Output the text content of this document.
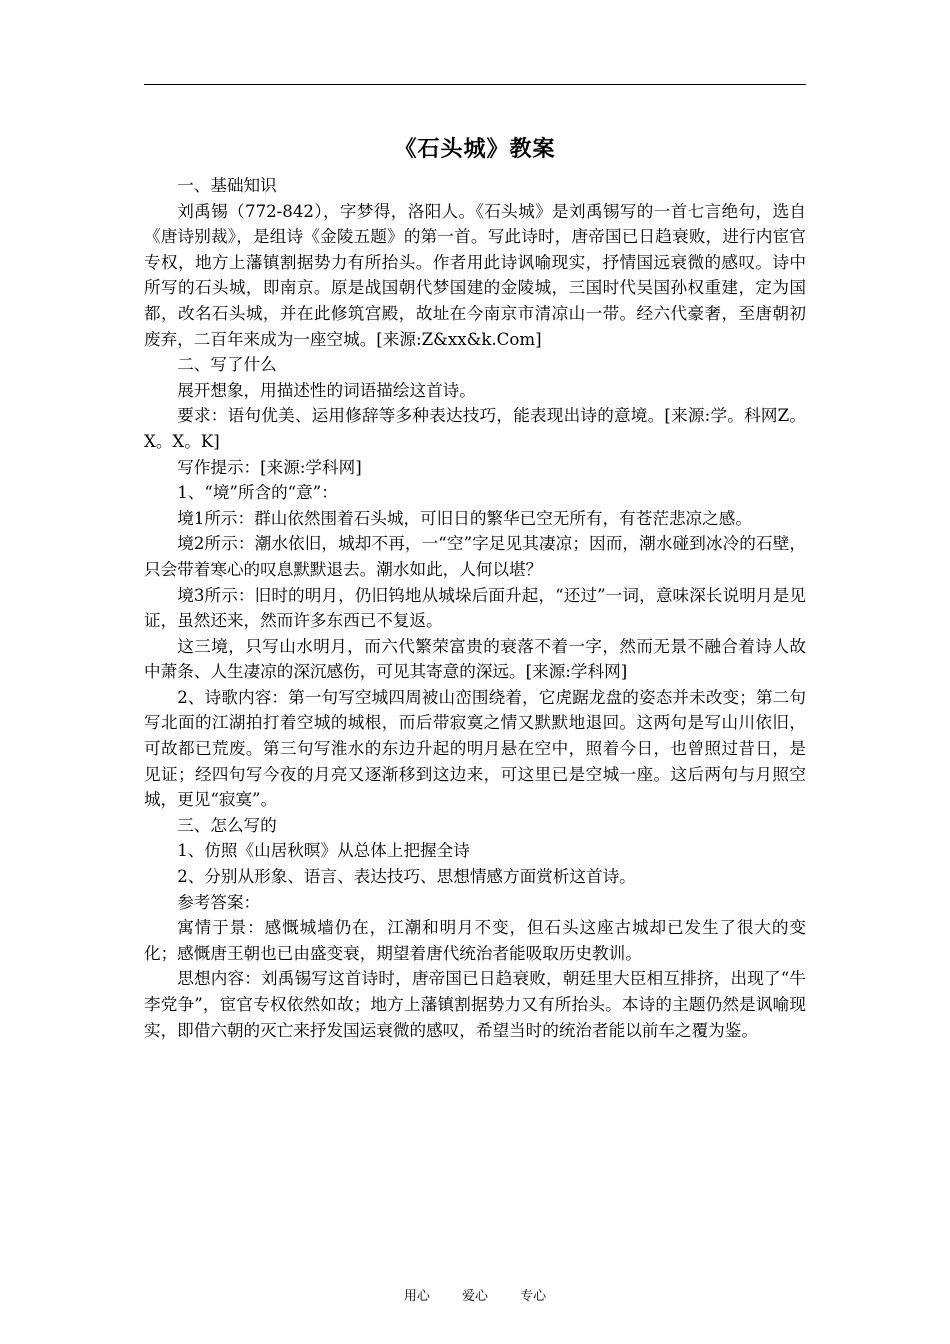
《石头城》教案

一、基础知识

刘禹锡（772-842），字梦得，洛阳人。《石头城》是刘禹锡写的一首七言绝句，选自《唐诗别裁》，是组诗《金陵五题》的第一首。写此诗时，唐帝国已日趋衰败，进行内宦官专权，地方上藩镇割据势力有所抬头。作者用此诗讽喻现实，抒情国远衰微的感叹。诗中所写的石头城，即南京。原是战国朝代梦国建的金陵城，三国时代吴国孙权重建，定为国都，改名石头城，并在此修筑宫殿，故址在今南京市清凉山一带。经六代豪奢，至唐朝初废弃，二百年来成为一座空城。[来源:Z&xx&k.Com]

二、写了什么

展开想象，用描述性的词语描绘这首诗。

要求：语句优美、运用修辞等多种表达技巧，能表现出诗的意境。[来源:学。科网Z。X。X。K]

写作提示：[来源:学科网]

1、“境”所含的“意”：

境1所示：群山依然围着石头城，可旧日的繁华已空无所有，有苍茫悲凉之感。

境2所示：潮水依旧，城却不再，一“空”字足见其凄凉；因而，潮水碰到冰冷的石壁，只会带着寒心的叹息默默退去。潮水如此，人何以堪？

境3所示：旧时的明月，仍旧钨地从城垛后面升起，“还过”一词，意味深长说明月是见证，虽然还来，然而许多东西已不复返。

这三境，只写山水明月，而六代繁荣富贵的衰落不着一字，然而无景不融合着诗人故中萧条、人生凄凉的深沉感伤，可见其寄意的深远。[来源:学科网]

2、诗歌内容：第一句写空城四周被山峦围绕着，它虎踞龙盘的姿态并未改变；第二句写北面的江湖拍打着空城的城根，而后带寂寞之情又默默地退回。这两句是写山川依旧，可故都已荒废。第三句写淮水的东边升起的明月悬在空中，照着今日，也曾照过昔日，是见证；经四句写今夜的月亮又逐渐移到这边来，可这里已是空城一座。这后两句与月照空城，更见“寂寞”。

三、怎么写的

1、仿照《山居秋暝》从总体上把握全诗

2、分别从形象、语言、表达技巧、思想情感方面赏析这首诗。

参考答案：

寓情于景：感慨城墙仍在，江潮和明月不变，但石头这座古城却已发生了很大的变化；感慨唐王朝也已由盛变衰，期望着唐代统治者能吸取历史教训。

思想内容：刘禹锡写这首诗时，唐帝国已日趋衰败，朝廷里大臣相互排挤，出现了“牛李党争”，宦官专权依然如故；地方上藩镇割据势力又有所抬头。本诗的主题仍然是讽喻现实，即借六朝的灭亡来抒发国运衰微的感叹，希望当时的统治者能以前车之覆为鉴。

用心 爱心 专心
